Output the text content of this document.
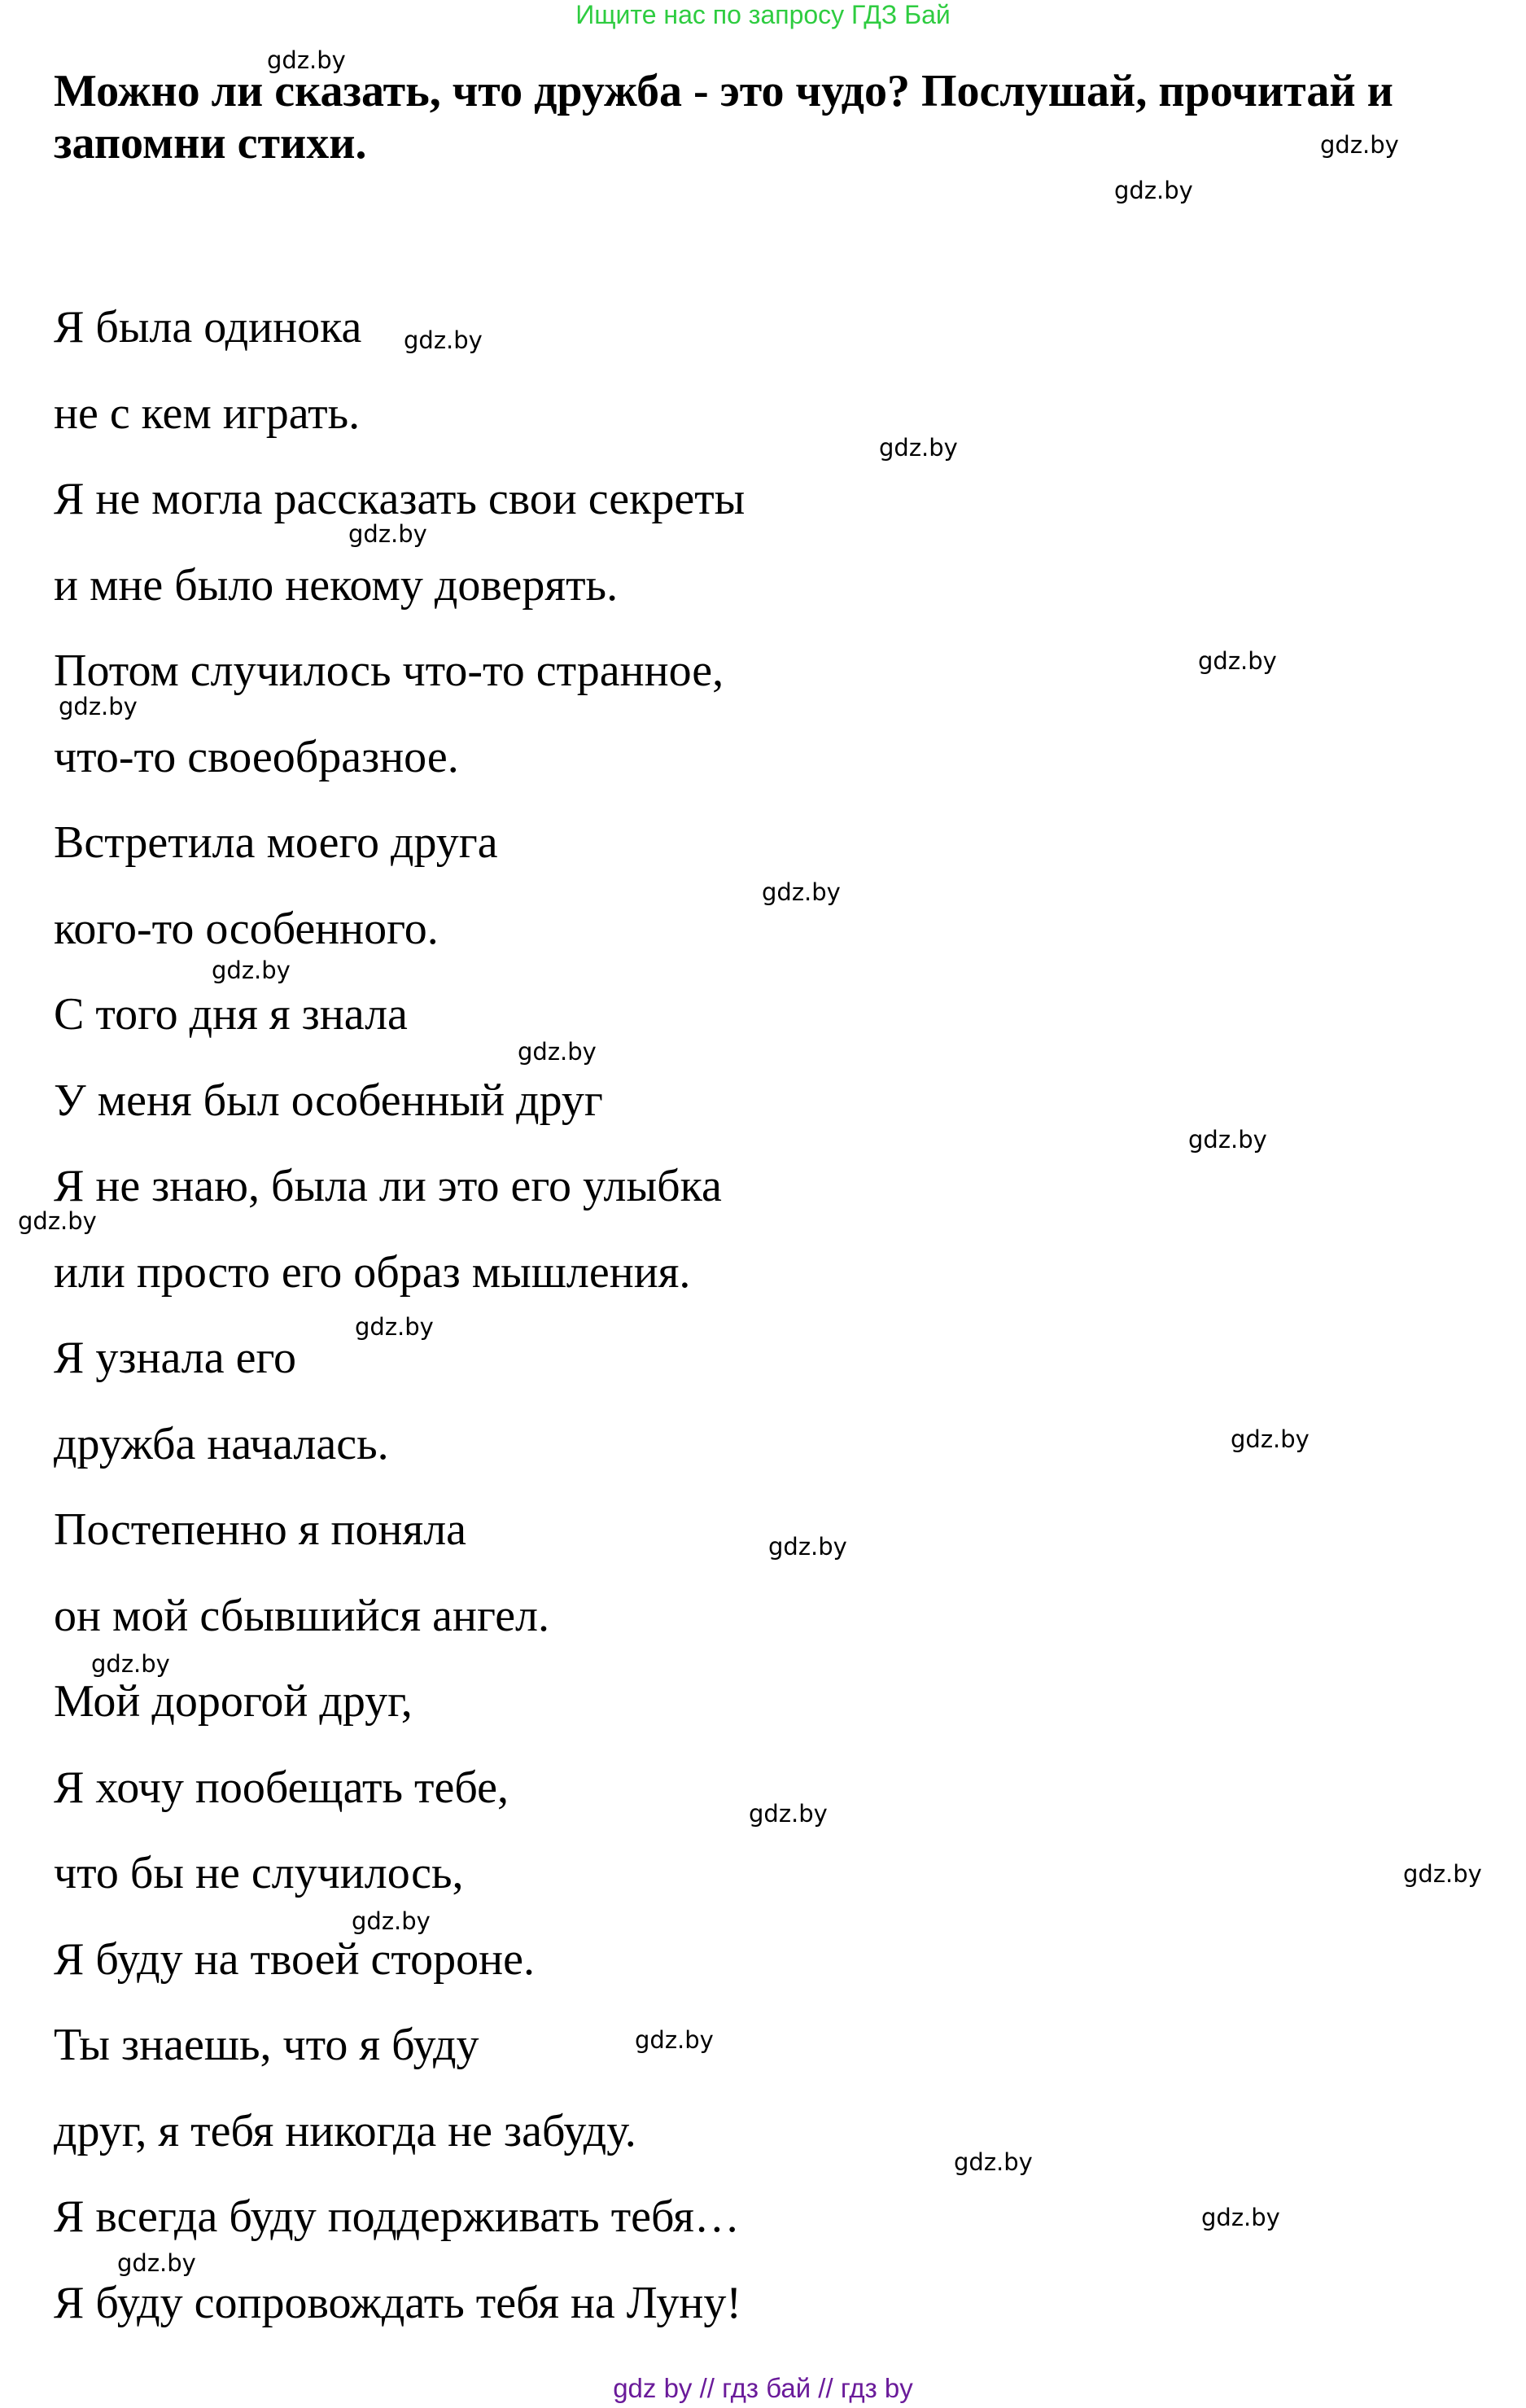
Ищите нас по запросу ГДЗ Бай
Можно ли сказать, что дружба - это чудо? Послушай, прочитай и запомни стихи.
Я была одинока
не с кем играть.
Я не могла рассказать свои секреты
и мне было некому доверять.
Потом случилось что-то странное,
что-то своеобразное.
Встретила моего друга
кого-то особенного.
С того дня я знала
У меня был особенный друг
Я не знаю, была ли это его улыбка
или просто его образ мышления.
Я узнала его
дружба началась.
Постепенно я поняла
он мой сбывшийся ангел.
Мой дорогой друг,
Я хочу пообещать тебе,
что бы не случилось,
Я буду на твоей стороне.
Ты знаешь, что я буду
друг, я тебя никогда не забуду.
Я всегда буду поддерживать тебя…
Я буду сопровождать тебя на Луну!
gdz.by
gdz.by
gdz.by
gdz.by
gdz.by
gdz.by
gdz.by
gdz.by
gdz.by
gdz.by
gdz.by
gdz.by
gdz.by
gdz.by
gdz.by
gdz.by
gdz.by
gdz.by
gdz.by
gdz.by
gdz.by
gdz.by
gdz.by
gdz.by
gdz by // гдз бай // гдз by
